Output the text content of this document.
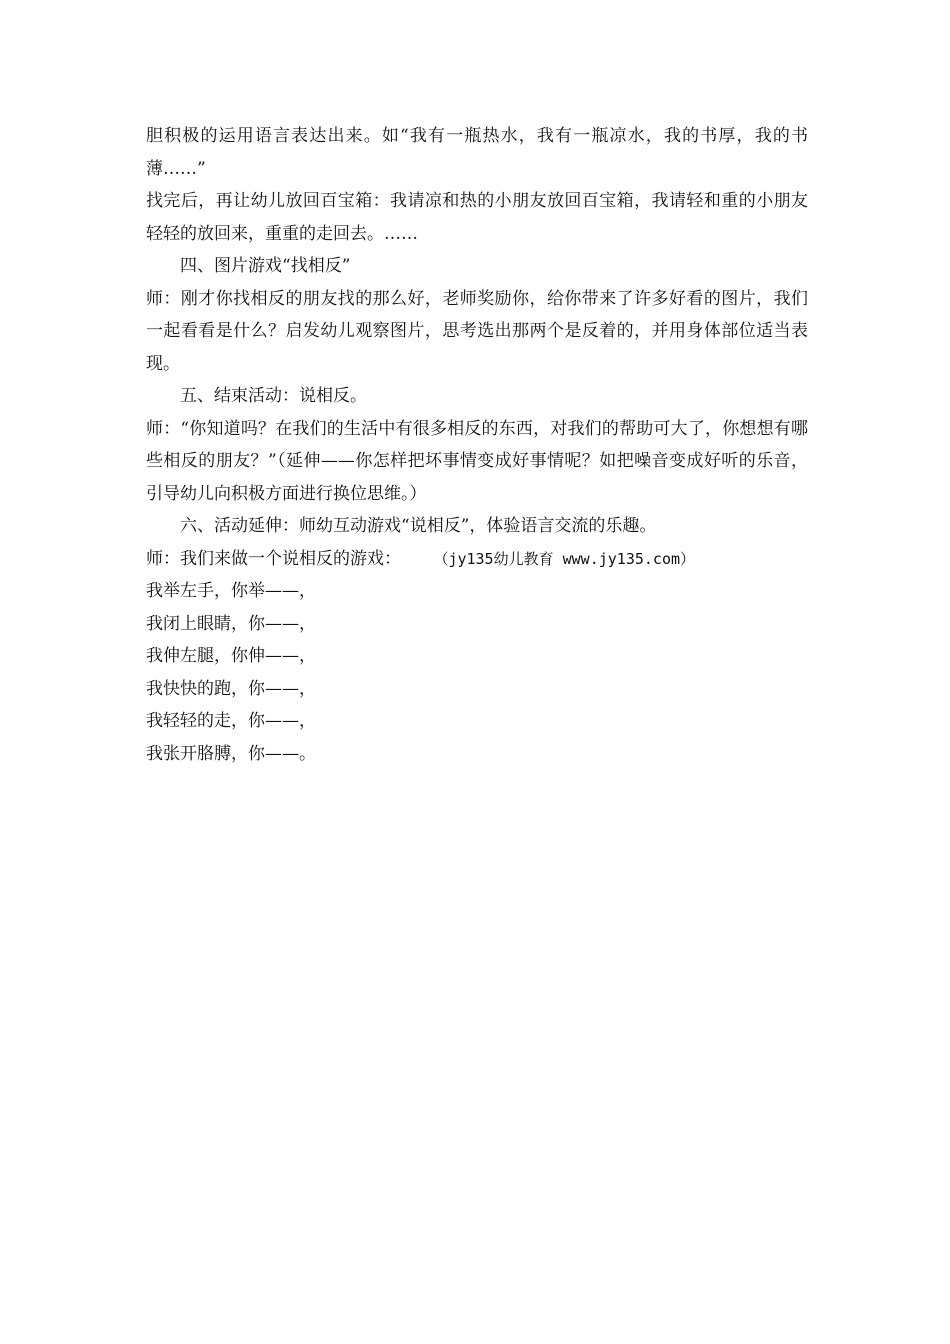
胆积极的运用语言表达出来。如“我有一瓶热水，我有一瓶凉水，我的书厚，我的书薄……”

找完后，再让幼儿放回百宝箱：我请凉和热的小朋友放回百宝箱，我请轻和重的小朋友轻轻的放回来，重重的走回去。……

四、图片游戏“找相反”

师：刚才你找相反的朋友找的那么好，老师奖励你，给你带来了许多好看的图片，我们一起看看是什么？启发幼儿观察图片，思考选出那两个是反着的，并用身体部位适当表现。

五、结束活动：说相反。

师：“你知道吗？在我们的生活中有很多相反的东西，对我们的帮助可大了，你想想有哪些相反的朋友？”（延伸——你怎样把坏事情变成好事情呢？如把噪音变成好听的乐音，引导幼儿向积极方面进行换位思维。）

六、活动延伸：师幼互动游戏“说相反”，体验语言交流的乐趣。

师：我们来做一个说相反的游戏： （jy135幼儿教育 www.jy135.com）

我举左手，你举——，

我闭上眼睛，你——，

我伸左腿，你伸——，

我快快的跑，你——，

我轻轻的走，你——，

我张开胳膊，你——。
